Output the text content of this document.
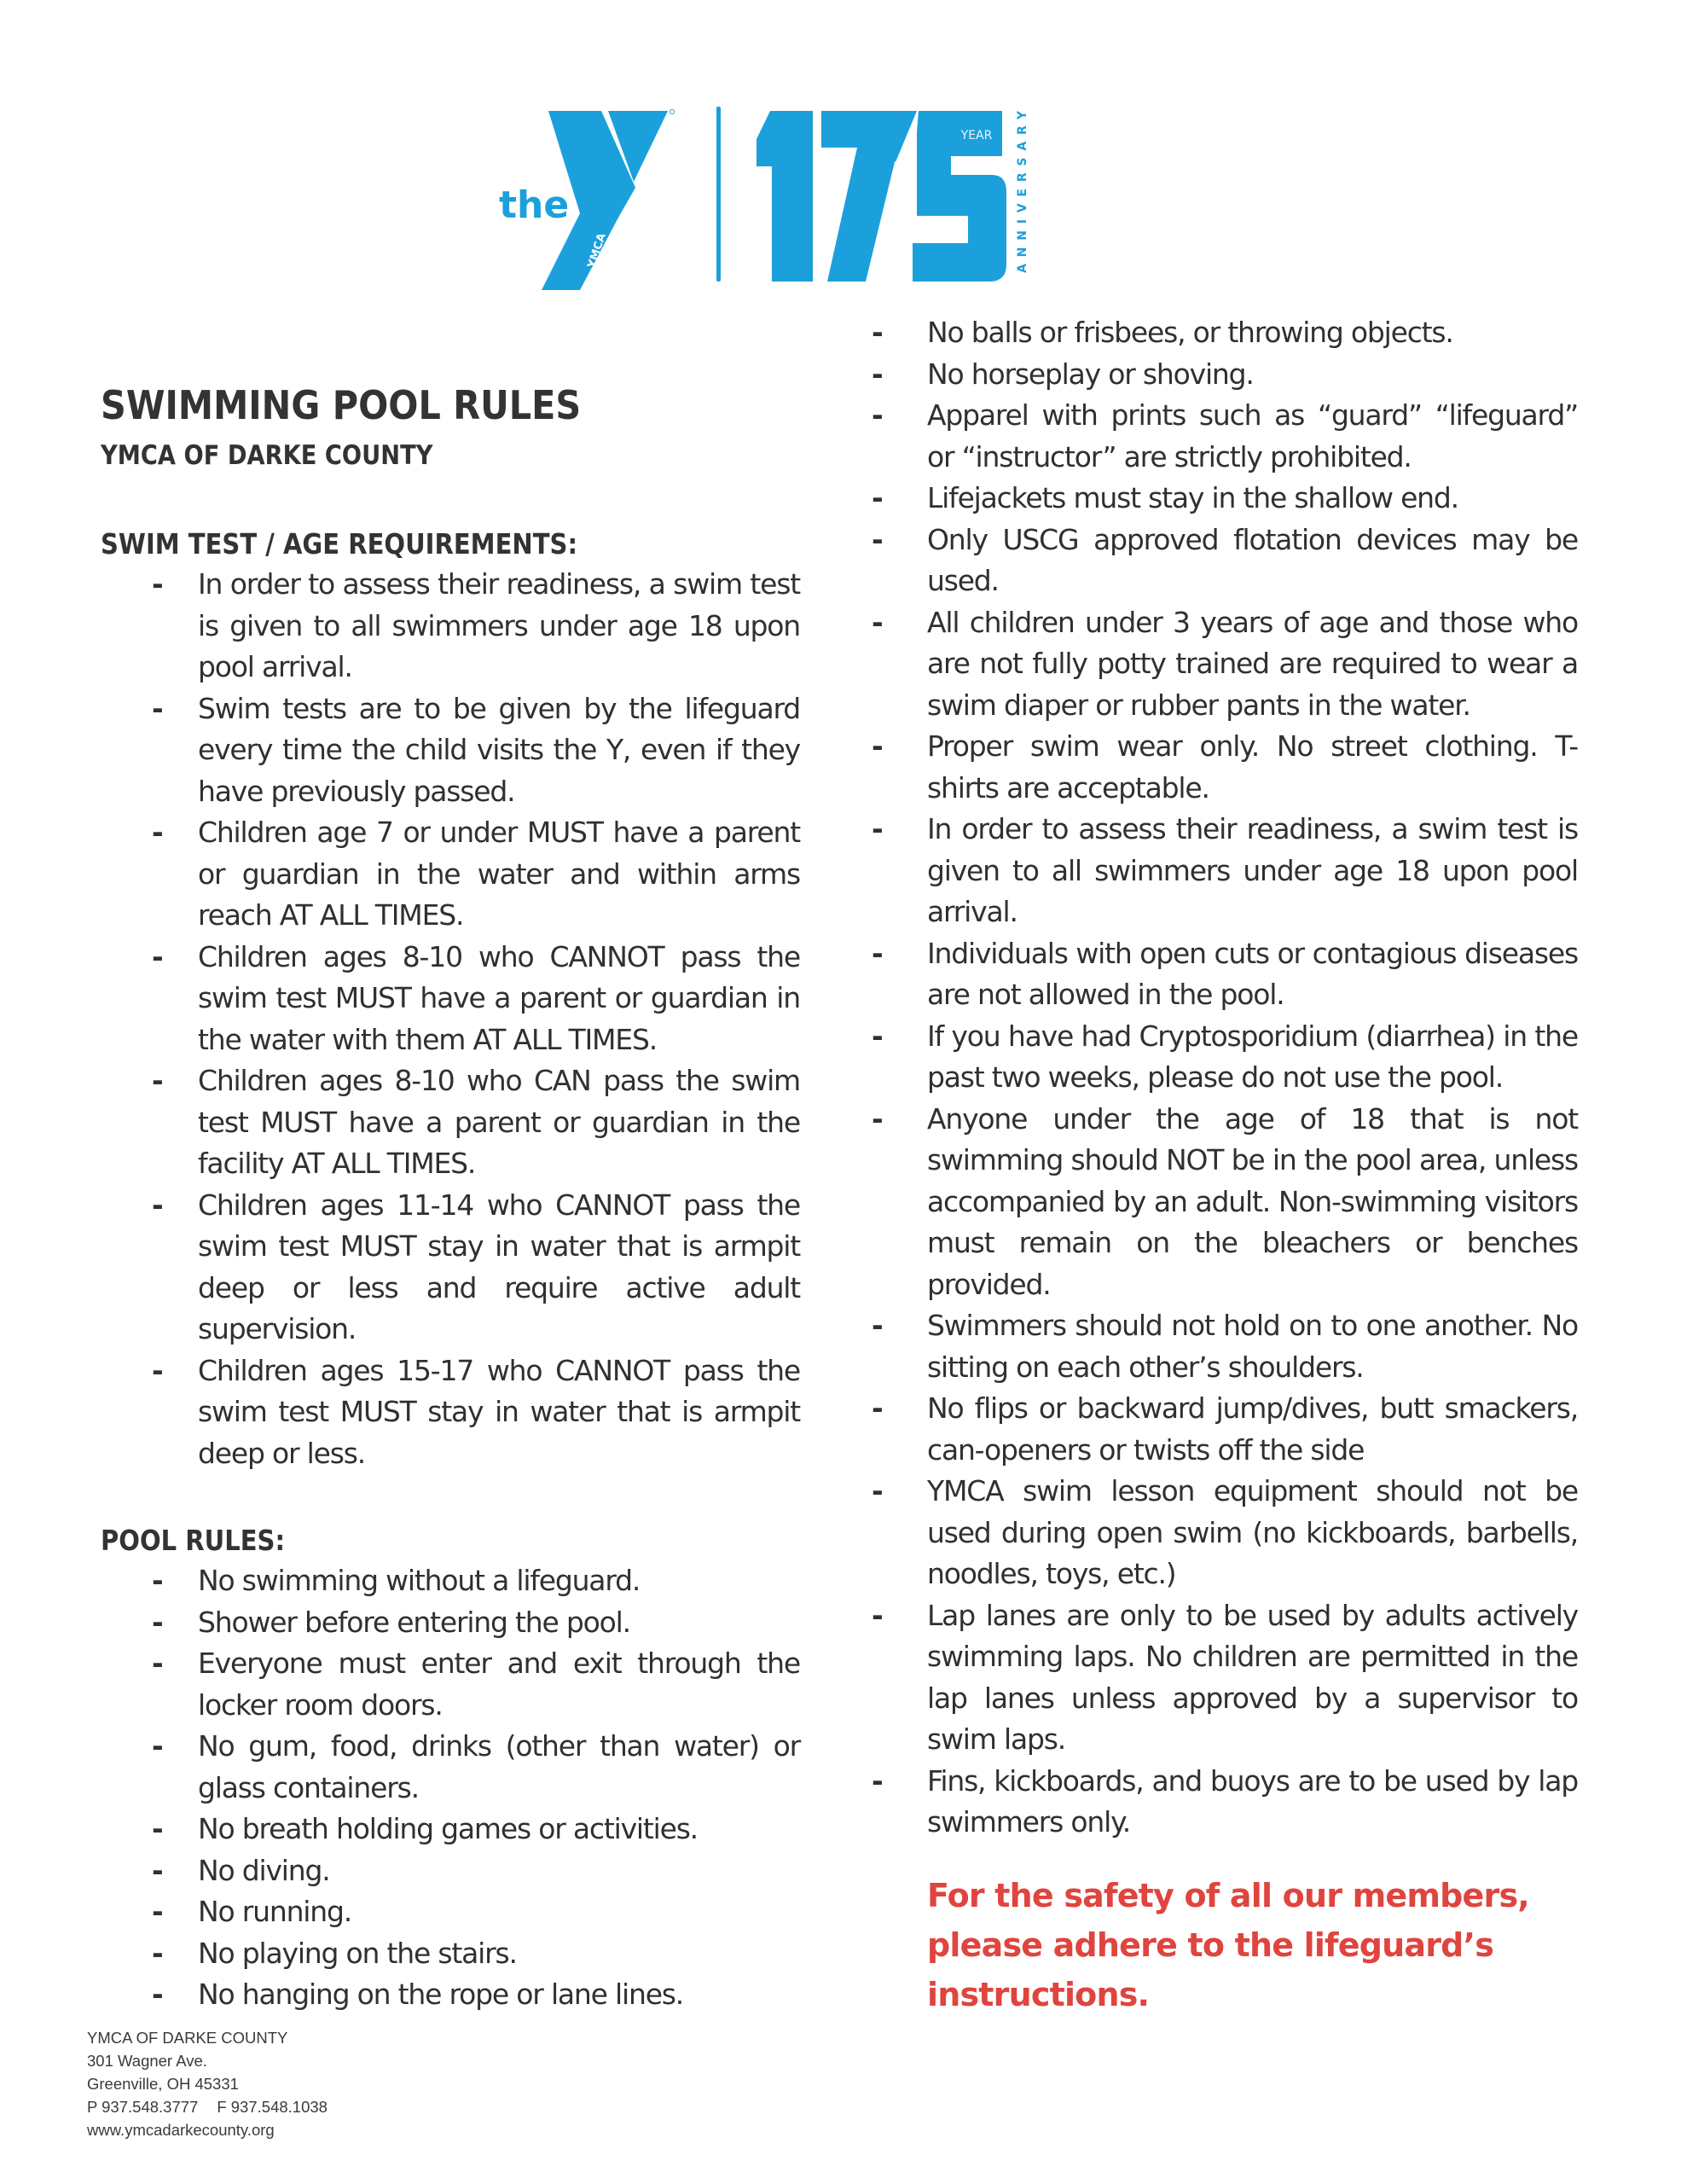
the
YMCA
YEAR
ANNIVERSARY
SWIMMING POOL RULES
YMCA OF DARKE COUNTY
SWIM TEST / AGE REQUIREMENTS:
- In order to assess their readiness, a swim test is given to all swimmers under age 18 upon pool arrival.
- Swim tests are to be given by the lifeguard every time the child visits the Y, even if they have previously passed.
- Children age 7 or under MUST have a parent or guardian in the water and within arms reach AT ALL TIMES.
- Children ages 8-10 who CANNOT pass the swim test MUST have a parent or guardian in the water with them AT ALL TIMES.
- Children ages 8-10 who CAN pass the swim test MUST have a parent or guardian in the facility AT ALL TIMES.
- Children ages 11-14 who CANNOT pass the swim test MUST stay in water that is armpit deep or less and require active adult supervision.
- Children ages 15-17 who CANNOT pass the swim test MUST stay in water that is armpit deep or less.
POOL RULES:
- No swimming without a lifeguard.
- Shower before entering the pool.
- Everyone must enter and exit through the locker room doors.
- No gum, food, drinks (other than water) or glass containers.
- No breath holding games or activities.
- No diving.
- No running.
- No playing on the stairs.
- No hanging on the rope or lane lines.
- No balls or frisbees, or throwing objects.
- No horseplay or shoving.
- Apparel with prints such as “guard” “lifeguard” or “instructor” are strictly prohibited.
- Lifejackets must stay in the shallow end.
- Only USCG approved flotation devices may be used.
- All children under 3 years of age and those who are not fully potty trained are required to wear a swim diaper or rubber pants in the water.
- Proper swim wear only. No street clothing. T-shirts are acceptable.
- In order to assess their readiness, a swim test is given to all swimmers under age 18 upon pool arrival.
- Individuals with open cuts or contagious diseases are not allowed in the pool.
- If you have had Cryptosporidium (diarrhea) in the past two weeks, please do not use the pool.
- Anyone under the age of 18 that is not swimming should NOT be in the pool area, unless accompanied by an adult. Non-swimming visitors must remain on the bleachers or benches provided.
- Swimmers should not hold on to one another. No sitting on each other’s shoulders.
- No flips or backward jump/dives, butt smackers, can-openers or twists off the side
- YMCA swim lesson equipment should not be used during open swim (no kickboards, barbells, noodles, toys, etc.)
- Lap lanes are only to be used by adults actively swimming laps. No children are permitted in the lap lanes unless approved by a supervisor to swim laps.
- Fins, kickboards, and buoys are to be used by lap swimmers only.

For the safety of all our members, please adhere to the lifeguard’s instructions.

YMCA OF DARKE COUNTY
301 Wagner Ave.
Greenville, OH 45331
P 937.548.3777 F 937.548.1038
www.ymcadarkecounty.org
